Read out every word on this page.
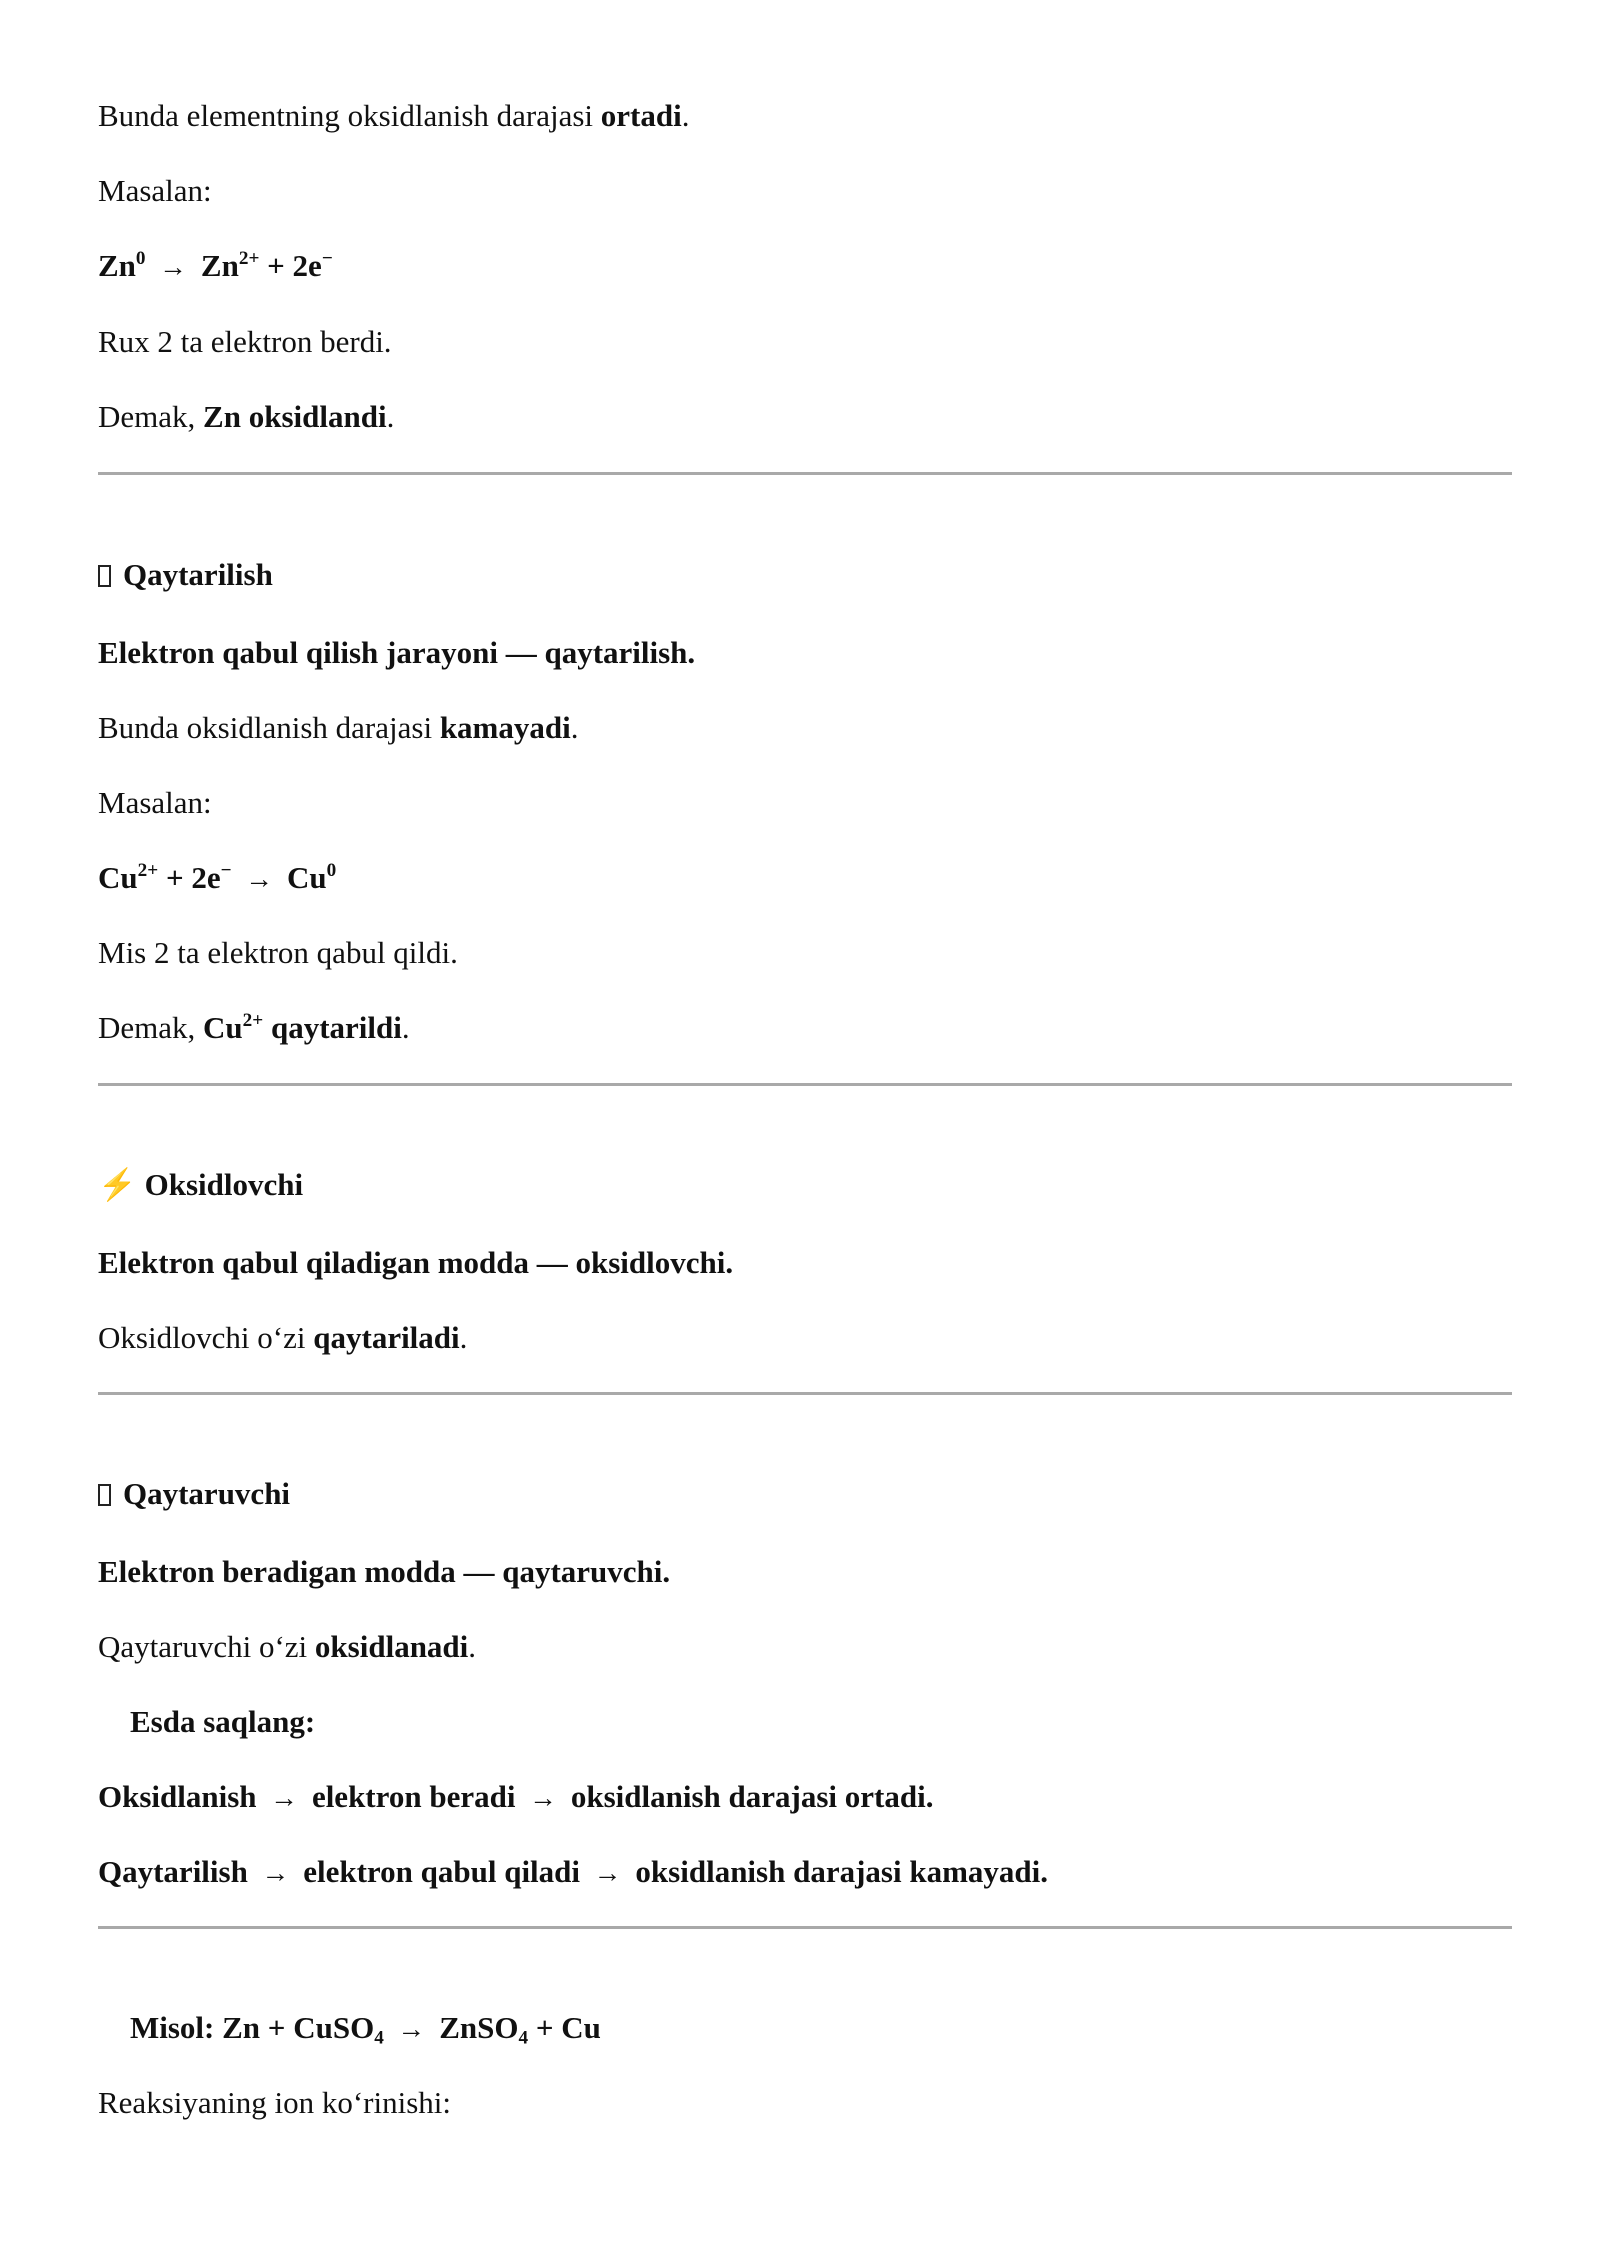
Bunda elementning oksidlanish darajasi ortadi.
Masalan:
$Zn^0 \to Zn^{2+} + 2e^-$
Rux 2 ta elektron berdi.
Demak, Zn oksidlandi.
Qaytarilish
Elektron qabul qilish jarayoni — qaytarilish.
Bunda oksidlanish darajasi kamayadi.
Masalan:
$Cu^{2+} + 2e^- \to Cu^0$
Mis 2 ta elektron qabul qildi.
Demak, $Cu^{2+}$ qaytarildi.
⚡ Oksidlovchi
Elektron qabul qiladigan modda — oksidlovchi.
Oksidlovchi o‘zi qaytariladi.
Qaytaruvchi
Elektron beradigan modda — qaytaruvchi.
Qaytaruvchi o‘zi oksidlanadi.
Esda saqlang:
Oksidlanish → elektron beradi → oksidlanish darajasi ortadi.
Qaytarilish → elektron qabul qiladi → oksidlanish darajasi kamayadi.
Misol: Zn + CuSO$_4$ → ZnSO$_4$ + Cu
Reaksiyaning ion ko‘rinishi:
